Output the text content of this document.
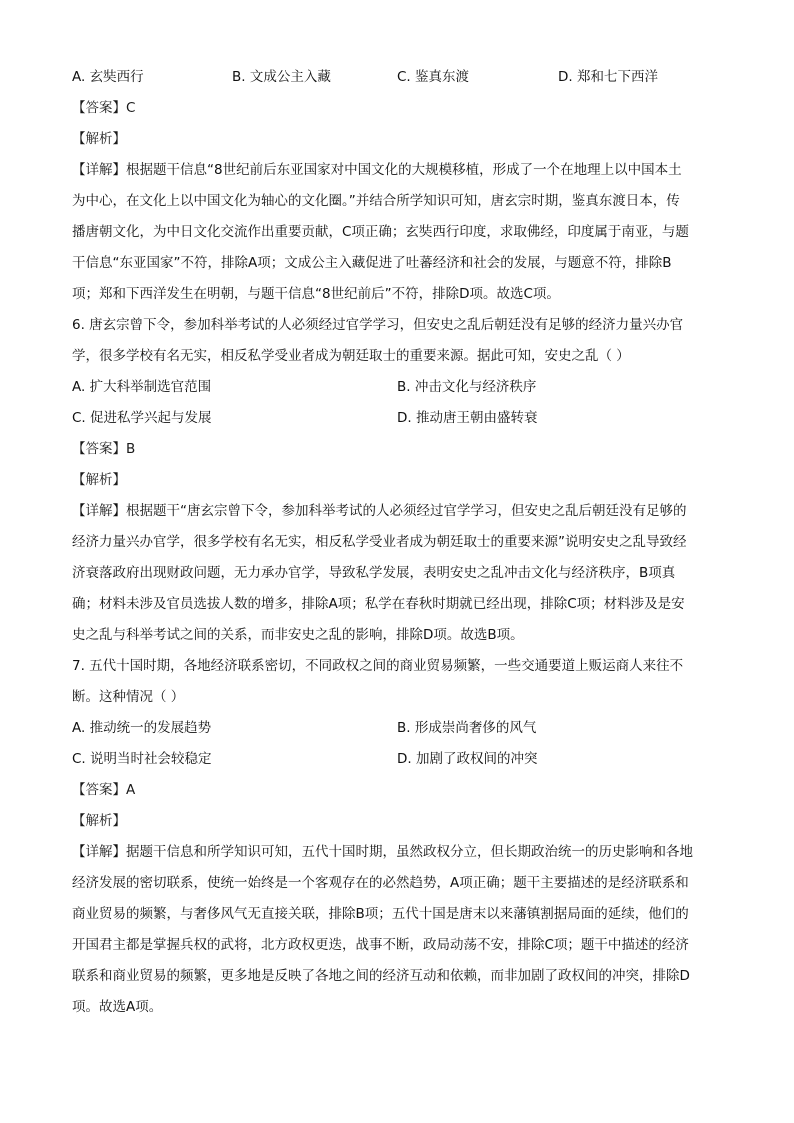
A. 玄奘西行	B. 文成公主入藏	C. 鉴真东渡	D. 郑和七下西洋
【答案】C
【解析】
【详解】根据题干信息“8世纪前后东亚国家对中国文化的大规模移植，形成了一个在地理上以中国本土
为中心，在文化上以中国文化为轴心的文化圈。”并结合所学知识可知，唐玄宗时期，鉴真东渡日本，传
播唐朝文化，为中日文化交流作出重要贡献，C项正确；玄奘西行印度，求取佛经，印度属于南亚，与题
干信息“东亚国家”不符，排除A项；文成公主入藏促进了吐蕃经济和社会的发展，与题意不符，排除B
项；郑和下西洋发生在明朝，与题干信息“8世纪前后”不符，排除D项。故选C项。
6. 唐玄宗曾下令，参加科举考试的人必须经过官学学习，但安史之乱后朝廷没有足够的经济力量兴办官
学，很多学校有名无实，相反私学受业者成为朝廷取士的重要来源。据此可知，安史之乱（ ）
A. 扩大科举制选官范围	B. 冲击文化与经济秩序
C. 促进私学兴起与发展	D. 推动唐王朝由盛转衰
【答案】B
【解析】
【详解】根据题干“唐玄宗曾下令，参加科举考试的人必须经过官学学习，但安史之乱后朝廷没有足够的
经济力量兴办官学，很多学校有名无实，相反私学受业者成为朝廷取士的重要来源”说明安史之乱导致经
济衰落政府出现财政问题，无力承办官学，导致私学发展，表明安史之乱冲击文化与经济秩序，B项真
确；材料未涉及官员选拔人数的增多，排除A项；私学在春秋时期就已经出现，排除C项；材料涉及是安
史之乱与科举考试之间的关系，而非安史之乱的影响，排除D项。故选B项。
7. 五代十国时期，各地经济联系密切，不同政权之间的商业贸易频繁，一些交通要道上贩运商人来往不
断。这种情况（ ）
A. 推动统一的发展趋势	B. 形成崇尚奢侈的风气
C. 说明当时社会较稳定	D. 加剧了政权间的冲突
【答案】A
【解析】
【详解】据题干信息和所学知识可知，五代十国时期，虽然政权分立，但长期政治统一的历史影响和各地
经济发展的密切联系，使统一始终是一个客观存在的必然趋势，A项正确；题干主要描述的是经济联系和
商业贸易的频繁，与奢侈风气无直接关联，排除B项；五代十国是唐末以来藩镇割据局面的延续，他们的
开国君主都是掌握兵权的武将，北方政权更迭，战事不断，政局动荡不安，排除C项；题干中描述的经济
联系和商业贸易的频繁，更多地是反映了各地之间的经济互动和依赖，而非加剧了政权间的冲突，排除D
项。故选A项。
